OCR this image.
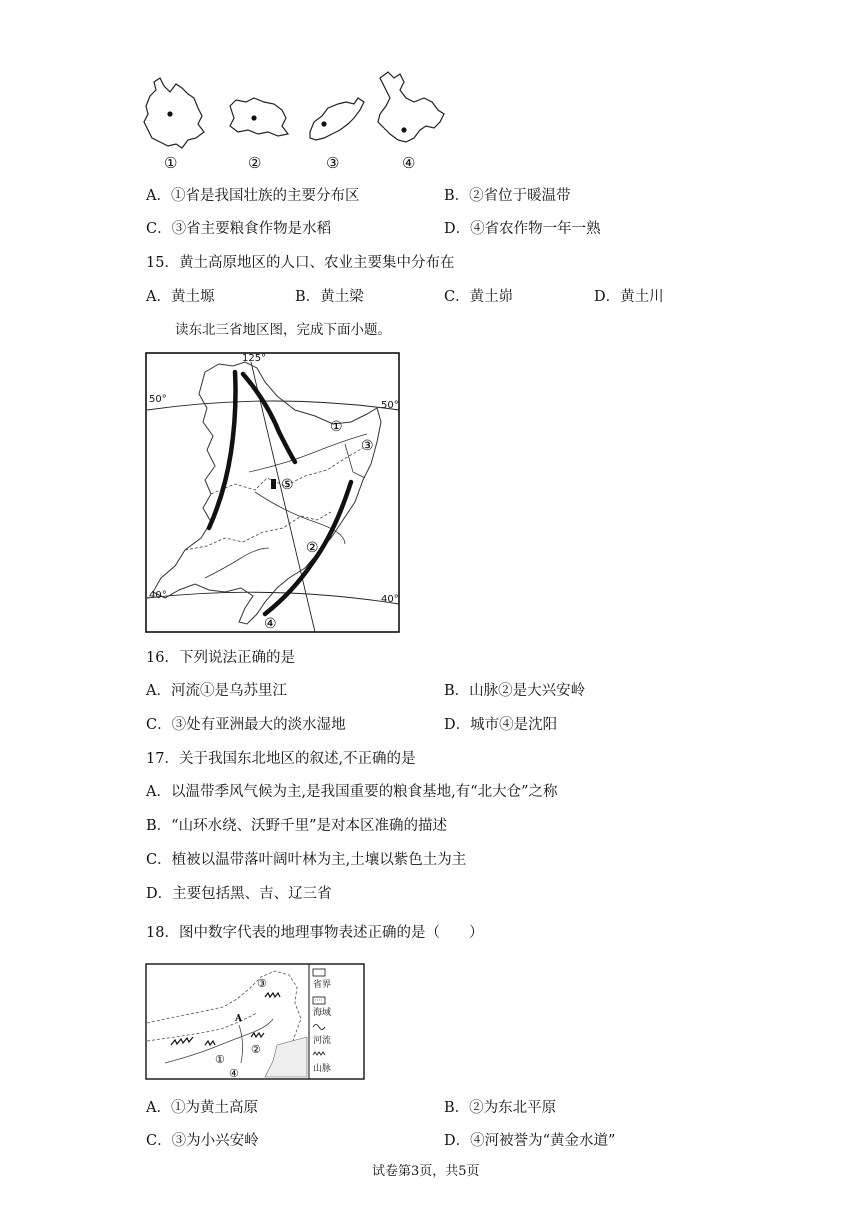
①	②	③	④
A．①省是我国壮族的主要分布区	B．②省位于暖温带
C．③省主要粮食作物是水稻	D．④省农作物一年一熟
15．黄土高原地区的人口、农业主要集中分布在
A．黄土塬	B．黄土梁	C．黄土峁	D．黄土川
读东北三省地区图，完成下面小题。
125°
50°
50°
40°	40°
①
②
③
④
⑤
16．下列说法正确的是
A．河流①是乌苏里江	B．山脉②是大兴安岭
C．③处有亚洲最大的淡水湿地	D．城市④是沈阳
17．关于我国东北地区的叙述,不正确的是
A．以温带季风气候为主,是我国重要的粮食基地,有“北大仓”之称
B．“山环水绕、沃野千里”是对本区准确的描述
C．植被以温带落叶阔叶林为主,土壤以紫色土为主
D．主要包括黑、吉、辽三省
18．图中数字代表的地理事物表述正确的是（　　）
③
A
②
①
④
省界
海域
河流
山脉
A．①为黄土高原	B．②为东北平原
C．③为小兴安岭	D．④河被誉为“黄金水道”
试卷第3页，共5页
